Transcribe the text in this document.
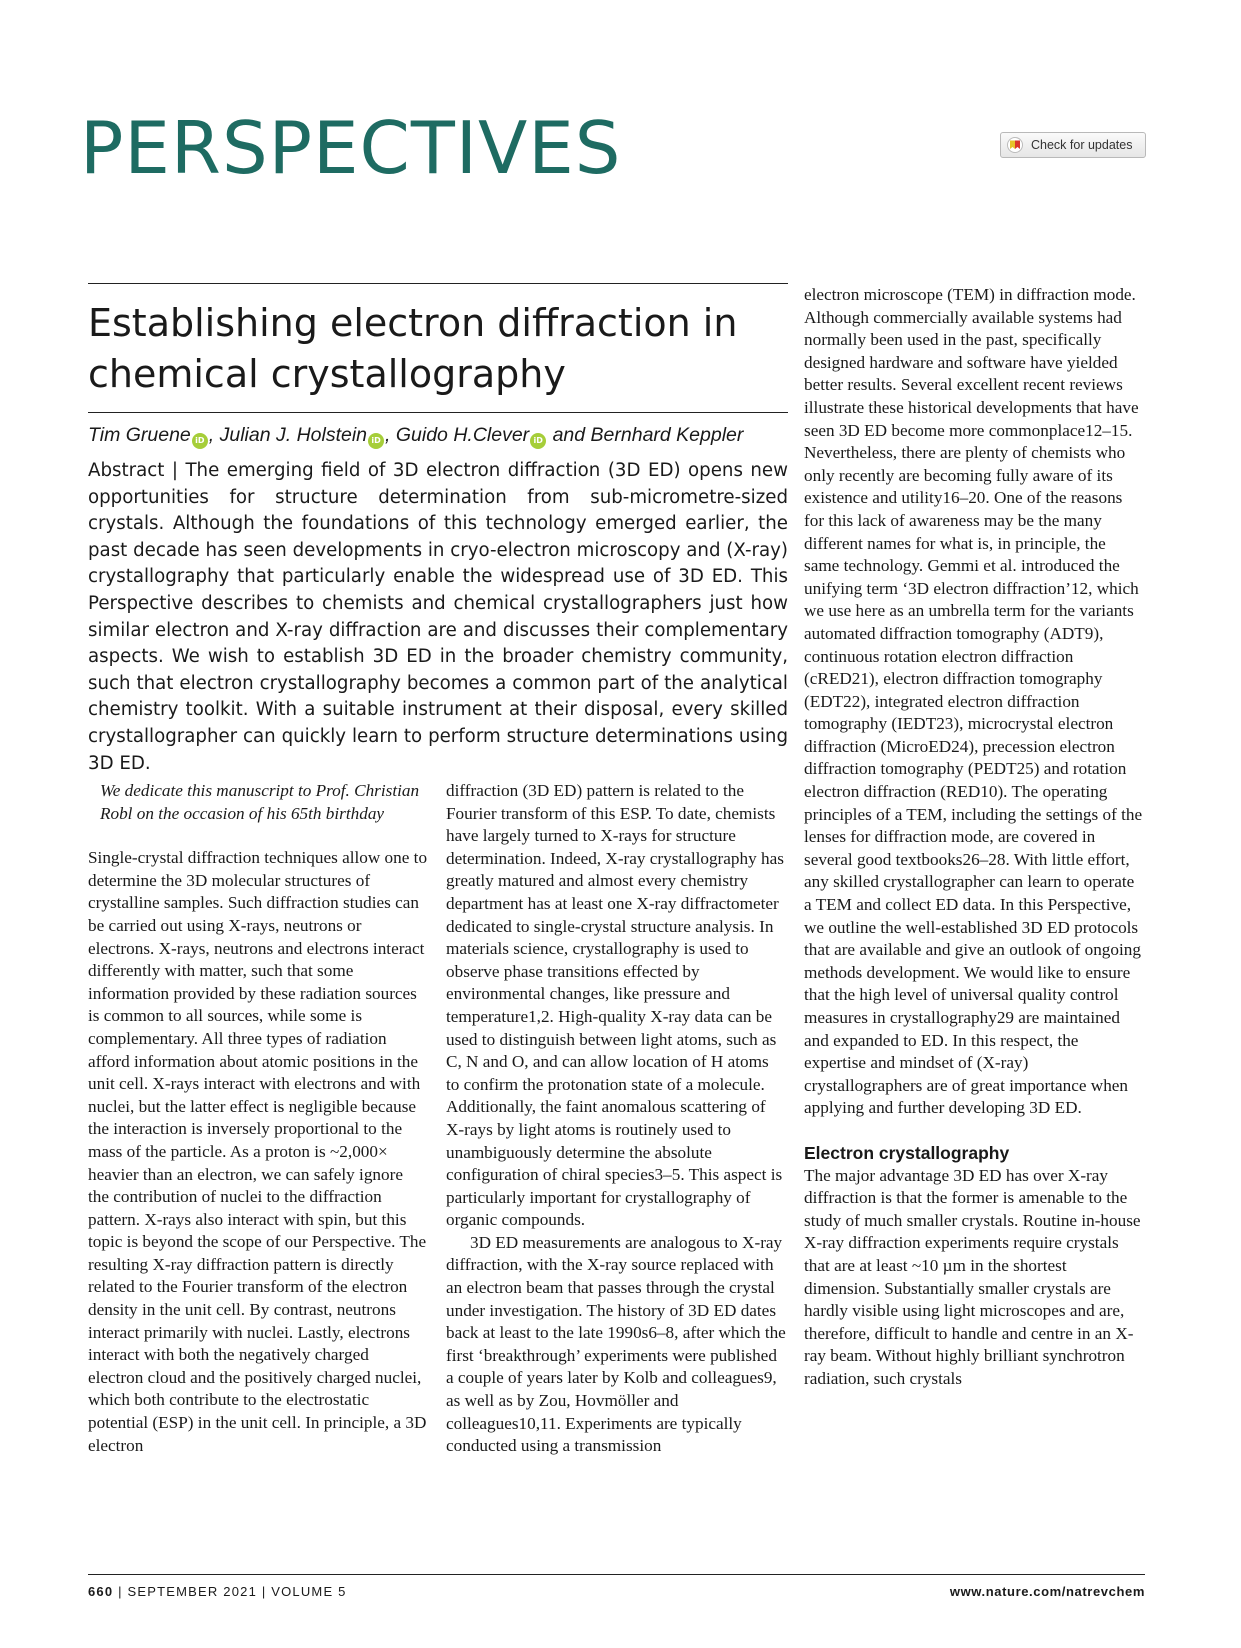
PERSPECTIVES	Check for updates
Establishing electron diffraction in chemical crystallography
Tim Gruene iD , Julian J. Holstein iD , Guido H.Clever iD and Bernhard Keppler

Abstract | The emerging field of 3D electron diffraction (3D ED) opens new opportunities for structure determination from sub-micrometre-sized crystals. Although the foundations of this technology emerged earlier, the past decade has seen developments in cryo-electron microscopy and (X-ray) crystallography that particularly enable the widespread use of 3D ED. This Perspective describes to chemists and chemical crystallographers just how similar electron and X-ray diffraction are and discusses their complementary aspects. We wish to establish 3D ED in the broader chemistry community, such that electron crystallography becomes a common part of the analytical chemistry toolkit. With a suitable instrument at their disposal, every skilled crystallographer can quickly learn to perform structure determinations using 3D ED.

We dedicate this manuscript to Prof. Christian Robl on the occasion of his 65th birthday

Single-crystal diffraction techniques allow one to determine the 3D molecular structures of crystalline samples. Such diffraction studies can be carried out using X-rays, neutrons or electrons. X-rays, neutrons and electrons interact differently with matter, such that some information provided by these radiation sources is common to all sources, while some is complementary. All three types of radiation afford information about atomic positions in the unit cell. X-rays interact with electrons and with nuclei, but the latter effect is negligible because the interaction is inversely proportional to the mass of the particle. As a proton is ~2,000× heavier than an electron, we can safely ignore the contribution of nuclei to the diffraction pattern. X-rays also interact with spin, but this topic is beyond the scope of our Perspective. The resulting X-ray diffraction pattern is directly related to the Fourier transform of the electron density in the unit cell. By contrast, neutrons interact primarily with nuclei. Lastly, electrons interact with both the negatively charged electron cloud and the positively charged nuclei, which both contribute to the electrostatic potential (ESP) in the unit cell. In principle, a 3D electron

diffraction (3D ED) pattern is related to the Fourier transform of this ESP. To date, chemists have largely turned to X-rays for structure determination. Indeed, X-ray crystallography has greatly matured and almost every chemistry department has at least one X-ray diffractometer dedicated to single-crystal structure analysis. In materials science, crystallography is used to observe phase transitions effected by environmental changes, like pressure and temperature1,2. High-quality X-ray data can be used to distinguish between light atoms, such as C, N and O, and can allow location of H atoms to confirm the protonation state of a molecule. Additionally, the faint anomalous scattering of X-rays by light atoms is routinely used to unambiguously determine the absolute configuration of chiral species3–5. This aspect is particularly important for crystallography of organic compounds.

3D ED measurements are analogous to X-ray diffraction, with the X-ray source replaced with an electron beam that passes through the crystal under investigation. The history of 3D ED dates back at least to the late 1990s6–8, after which the first ‘breakthrough’ experiments were published a couple of years later by Kolb and colleagues9, as well as by Zou, Hovmöller and colleagues10,11. Experiments are typically conducted using a transmission

electron microscope (TEM) in diffraction mode. Although commercially available systems had normally been used in the past, specifically designed hardware and software have yielded better results. Several excellent recent reviews illustrate these historical developments that have seen 3D ED become more commonplace12–15. Nevertheless, there are plenty of chemists who only recently are becoming fully aware of its existence and utility16–20. One of the reasons for this lack of awareness may be the many different names for what is, in principle, the same technology. Gemmi et al. introduced the unifying term ‘3D electron diffraction’12, which we use here as an umbrella term for the variants automated diffraction tomography (ADT9), continuous rotation electron diffraction (cRED21), electron diffraction tomography (EDT22), integrated electron diffraction tomography (IEDT23), microcrystal electron diffraction (MicroED24), precession electron diffraction tomography (PEDT25) and rotation electron diffraction (RED10). The operating principles of a TEM, including the settings of the lenses for diffraction mode, are covered in several good textbooks26–28. With little effort, any skilled crystallographer can learn to operate a TEM and collect ED data. In this Perspective, we outline the well-established 3D ED protocols that are available and give an outlook of ongoing methods development. We would like to ensure that the high level of universal quality control measures in crystallography29 are maintained and expanded to ED. In this respect, the expertise and mindset of (X-ray) crystallographers are of great importance when applying and further developing 3D ED.

Electron crystallography

The major advantage 3D ED has over X-ray diffraction is that the former is amenable to the study of much smaller crystals. Routine in-house X-ray diffraction experiments require crystals that are at least ~10 µm in the shortest dimension. Substantially smaller crystals are hardly visible using light microscopes and are, therefore, difficult to handle and centre in an X-ray beam. Without highly brilliant synchrotron radiation, such crystals

660 | SEPTEMBER 2021 | VOLUME 5	www.nature.com/natrevchem
